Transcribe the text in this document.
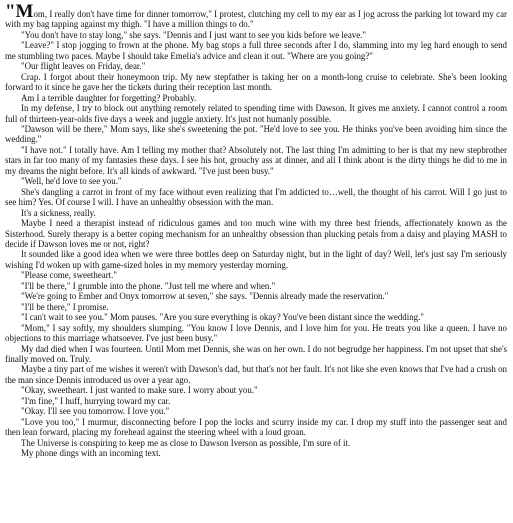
"Mom, I really don't have time for dinner tomorrow," I protest, clutching my cell to my ear as I jog across the parking lot toward my car with my bag tapping against my thigh. "I have a million things to do."

"You don't have to stay long," she says. "Dennis and I just want to see you kids before we leave."

"Leave?" I stop jogging to frown at the phone. My bag stops a full three seconds after I do, slamming into my leg hard enough to send me stumbling two paces. Maybe I should take Emelia's advice and clean it out. "Where are you going?"

"Our flight leaves on Friday, dear."

Crap. I forgot about their honeymoon trip. My new stepfather is taking her on a month-long cruise to celebrate. She's been looking forward to it since he gave her the tickets during their reception last month.

Am I a terrible daughter for forgetting? Probably.

In my defense, I try to block out anything remotely related to spending time with Dawson. It gives me anxiety. I cannot control a room full of thirteen-year-olds five days a week and juggle anxiety. It's just not humanly possible.

"Dawson will be there," Mom says, like she's sweetening the pot. "He'd love to see you. He thinks you've been avoiding him since the wedding."

"I have not." I totally have. Am I telling my mother that? Absolutely not. The last thing I'm admitting to her is that my new stepbrother stars in far too many of my fantasies these days. I see his hot, grouchy ass at dinner, and all I think about is the dirty things he did to me in my dreams the night before. It's all kinds of awkward. "I've just been busy."

"Well, he'd love to see you."

She's dangling a carrot in front of my face without even realizing that I'm addicted to…well, the thought of his carrot. Will I go just to see him? Yes. Of course I will. I have an unhealthy obsession with the man.

It's a sickness, really.

Maybe I need a therapist instead of ridiculous games and too much wine with my three best friends, affectionately known as the Sisterhood. Surely therapy is a better coping mechanism for an unhealthy obsession than plucking petals from a daisy and playing MASH to decide if Dawson loves me or not, right?

It sounded like a good idea when we were three bottles deep on Saturday night, but in the light of day? Well, let's just say I'm seriously wishing I'd woken up with game-sized holes in my memory yesterday morning.

"Please come, sweetheart."

"I'll be there," I grumble into the phone. "Just tell me where and when."

"We're going to Ember and Onyx tomorrow at seven," she says. "Dennis already made the reservation."

"I'll be there," I promise.

"I can't wait to see you." Mom pauses. "Are you sure everything is okay? You've been distant since the wedding."

"Mom," I say softly, my shoulders slumping. "You know I love Dennis, and I love him for you. He treats you like a queen. I have no objections to this marriage whatsoever. I've just been busy."

My dad died when I was fourteen. Until Mom met Dennis, she was on her own. I do not begrudge her happiness. I'm not upset that she's finally moved on. Truly.

Maybe a tiny part of me wishes it weren't with Dawson's dad, but that's not her fault. It's not like she even knows that I've had a crush on the man since Dennis introduced us over a year ago.

"Okay, sweetheart. I just wanted to make sure. I worry about you."

"I'm fine," I huff, hurrying toward my car.

"Okay. I'll see you tomorrow. I love you."

"Love you too," I murmur, disconnecting before I pop the locks and scurry inside my car. I drop my stuff into the passenger seat and then lean forward, placing my forehead against the steering wheel with a loud groan.

The Universe is conspiring to keep me as close to Dawson Iverson as possible, I'm sure of it.

My phone dings with an incoming text.
